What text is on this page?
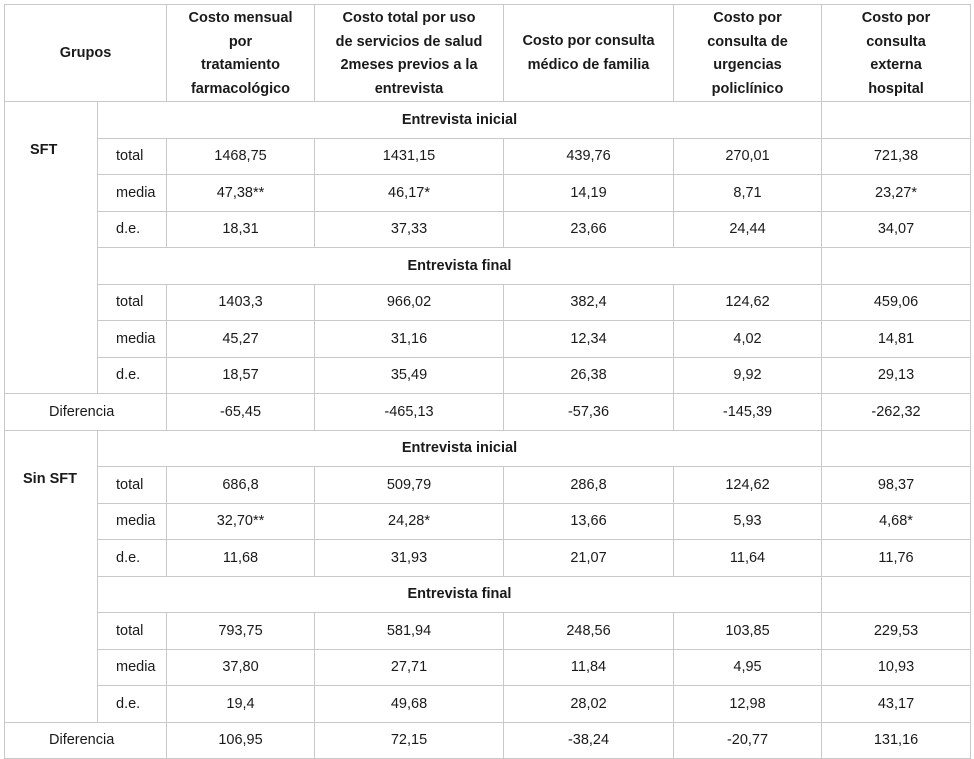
Grupos		Costo mensual
por
tratamiento
farmacológico	Costo total por uso
de servicios de salud
2meses previos a la
entrevista	Costo por consulta
médico de familia	Costo por
consulta de
urgencias
policlínico	Costo por
consulta
externa
hospital

SFT	Entrevista inicial					
	total	1468,75	1431,15	439,76	270,01	721,38
	media	47,38**	46,17*	14,19	8,71	23,27*
	d.e.	18,31	37,33	23,66	24,44	34,07
	Entrevista final					
	total	1403,3	966,02	382,4	124,62	459,06
	media	45,27	31,16	12,34	4,02	14,81
	d.e.	18,57	35,49	26,38	9,92	29,13
Diferencia		-65,45	-465,13	-57,36	-145,39	-262,32

Sin SFT	Entrevista inicial					
	total	686,8	509,79	286,8	124,62	98,37
	media	32,70**	24,28*	13,66	5,93	4,68*
	d.e.	11,68	31,93	21,07	11,64	11,76
	Entrevista final					
	total	793,75	581,94	248,56	103,85	229,53
	media	37,80	27,71	11,84	4,95	10,93
	d.e.	19,4	49,68	28,02	12,98	43,17
Diferencia		106,95	72,15	-38,24	-20,77	131,16
